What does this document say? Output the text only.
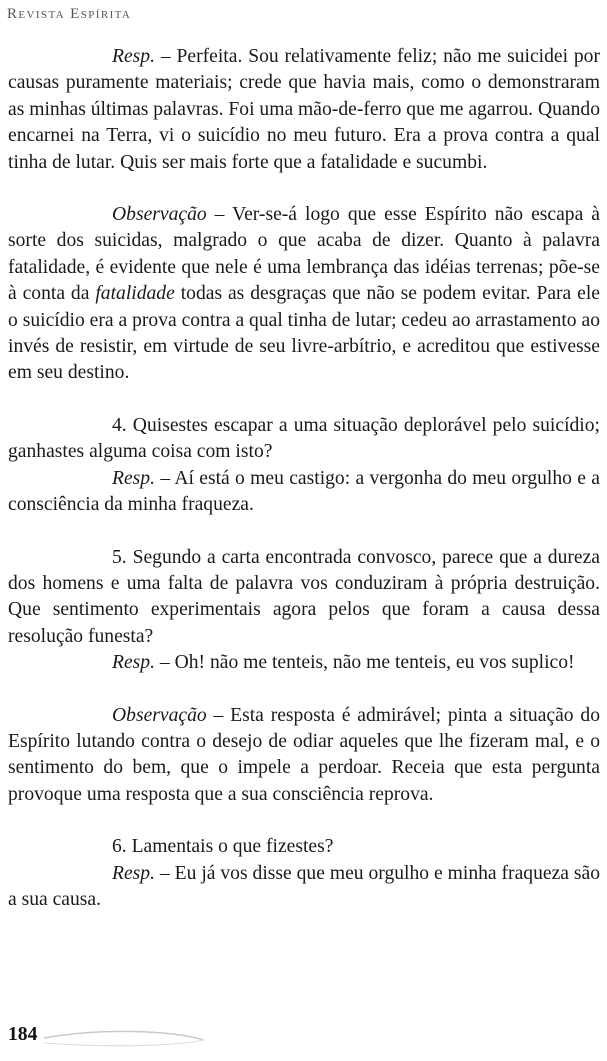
Revista Espírita

Resp. – Perfeita. Sou relativamente feliz; não me suicidei por causas puramente materiais; crede que havia mais, como o demonstraram as minhas últimas palavras. Foi uma mão-de-ferro que me agarrou. Quando encarnei na Terra, vi o suicídio no meu futuro. Era a prova contra a qual tinha de lutar. Quis ser mais forte que a fatalidade e sucumbi.

Observação – Ver-se-á logo que esse Espírito não escapa à sorte dos suicidas, malgrado o que acaba de dizer. Quanto à palavra fatalidade, é evidente que nele é uma lembrança das idéias terrenas; põe-se à conta da fatalidade todas as desgraças que não se podem evitar. Para ele o suicídio era a prova contra a qual tinha de lutar; cedeu ao arrastamento ao invés de resistir, em virtude de seu livre-arbítrio, e acreditou que estivesse em seu destino.

4. Quisestes escapar a uma situação deplorável pelo suicídio; ganhastes alguma coisa com isto?

Resp. – Aí está o meu castigo: a vergonha do meu orgulho e a consciência da minha fraqueza.

5. Segundo a carta encontrada convosco, parece que a dureza dos homens e uma falta de palavra vos conduziram à própria destruição. Que sentimento experimentais agora pelos que foram a causa dessa resolução funesta?

Resp. – Oh! não me tenteis, não me tenteis, eu vos suplico!

Observação – Esta resposta é admirável; pinta a situação do Espírito lutando contra o desejo de odiar aqueles que lhe fizeram mal, e o sentimento do bem, que o impele a perdoar. Receia que esta pergunta provoque uma resposta que a sua consciência reprova.

6. Lamentais o que fizestes?

Resp. – Eu já vos disse que meu orgulho e minha fraqueza são a sua causa.

184
